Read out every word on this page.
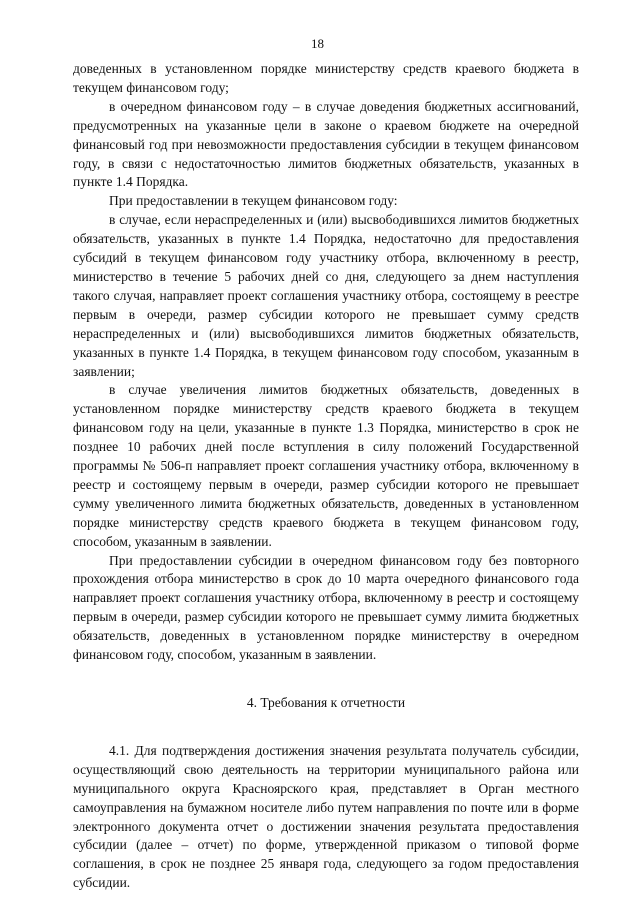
18

доведенных в установленном порядке министерству средств краевого бюджета в текущем финансовом году;

в очередном финансовом году – в случае доведения бюджетных ассигнований, предусмотренных на указанные цели в законе о краевом бюджете на очередной финансовый год при невозможности предоставления субсидии в текущем финансовом году, в связи с недостаточностью лимитов бюджетных обязательств, указанных в пункте 1.4 Порядка.

При предоставлении в текущем финансовом году:

в случае, если нераспределенных и (или) высвободившихся лимитов бюджетных обязательств, указанных в пункте 1.4 Порядка, недостаточно для предоставления субсидий в текущем финансовом году участнику отбора, включенному в реестр, министерство в течение 5 рабочих дней со дня, следующего за днем наступления такого случая, направляет проект соглашения участнику отбора, состоящему в реестре первым в очереди, размер субсидии которого не превышает сумму средств нераспределенных и (или) высвободившихся лимитов бюджетных обязательств, указанных в пункте 1.4 Порядка, в текущем финансовом году способом, указанным в заявлении;

в случае увеличения лимитов бюджетных обязательств, доведенных в установленном порядке министерству средств краевого бюджета в текущем финансовом году на цели, указанные в пункте 1.3 Порядка, министерство в срок не позднее 10 рабочих дней после вступления в силу положений Государственной программы № 506-п направляет проект соглашения участнику отбора, включенному в реестр и состоящему первым в очереди, размер субсидии которого не превышает сумму увеличенного лимита бюджетных обязательств, доведенных в установленном порядке министерству средств краевого бюджета в текущем финансовом году, способом, указанным в заявлении.

При предоставлении субсидии в очередном финансовом году без повторного прохождения отбора министерство в срок до 10 марта очередного финансового года направляет проект соглашения участнику отбора, включенному в реестр и состоящему первым в очереди, размер субсидии которого не превышает сумму лимита бюджетных обязательств, доведенных в установленном порядке министерству в очередном финансовом году, способом, указанным в заявлении.

4. Требования к отчетности

4.1. Для подтверждения достижения значения результата получатель субсидии, осуществляющий свою деятельность на территории муниципального района или муниципального округа Красноярского края, представляет в Орган местного самоуправления на бумажном носителе либо путем направления по почте или в форме электронного документа отчет о достижении значения результата предоставления субсидии (далее – отчет) по форме, утвержденной приказом о типовой форме соглашения, в срок не позднее 25 января года, следующего за годом предоставления субсидии.
